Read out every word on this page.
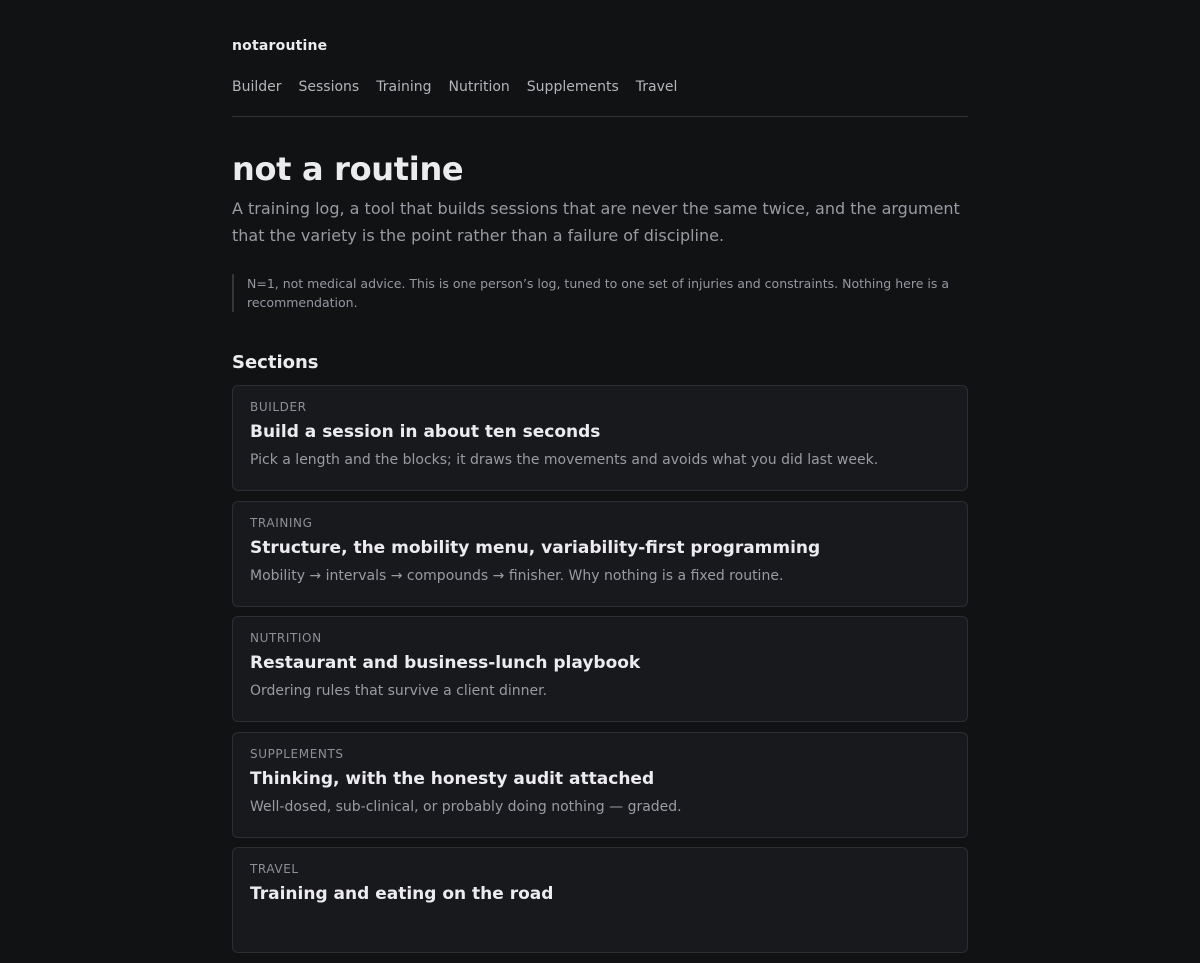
notaroutine
Builder Sessions Training Nutrition Supplements Travel
not a routine

A training log, a tool that builds sessions that are never the same twice, and the argument that the variety is the point rather than a failure of discipline.

N=1, not medical advice. This is one person’s log, tuned to one set of injuries and constraints. Nothing here is a recommendation.
Sections
BUILDER
Build a session in about ten seconds
Pick a length and the blocks; it draws the movements and avoids what you did last week.
TRAINING
Structure, the mobility menu, variability-first programming
Mobility → intervals → compounds → finisher. Why nothing is a fixed routine.
NUTRITION
Restaurant and business-lunch playbook
Ordering rules that survive a client dinner.
SUPPLEMENTS
Thinking, with the honesty audit attached
Well-dosed, sub-clinical, or probably doing nothing — graded.
TRAVEL
Training and eating on the road
